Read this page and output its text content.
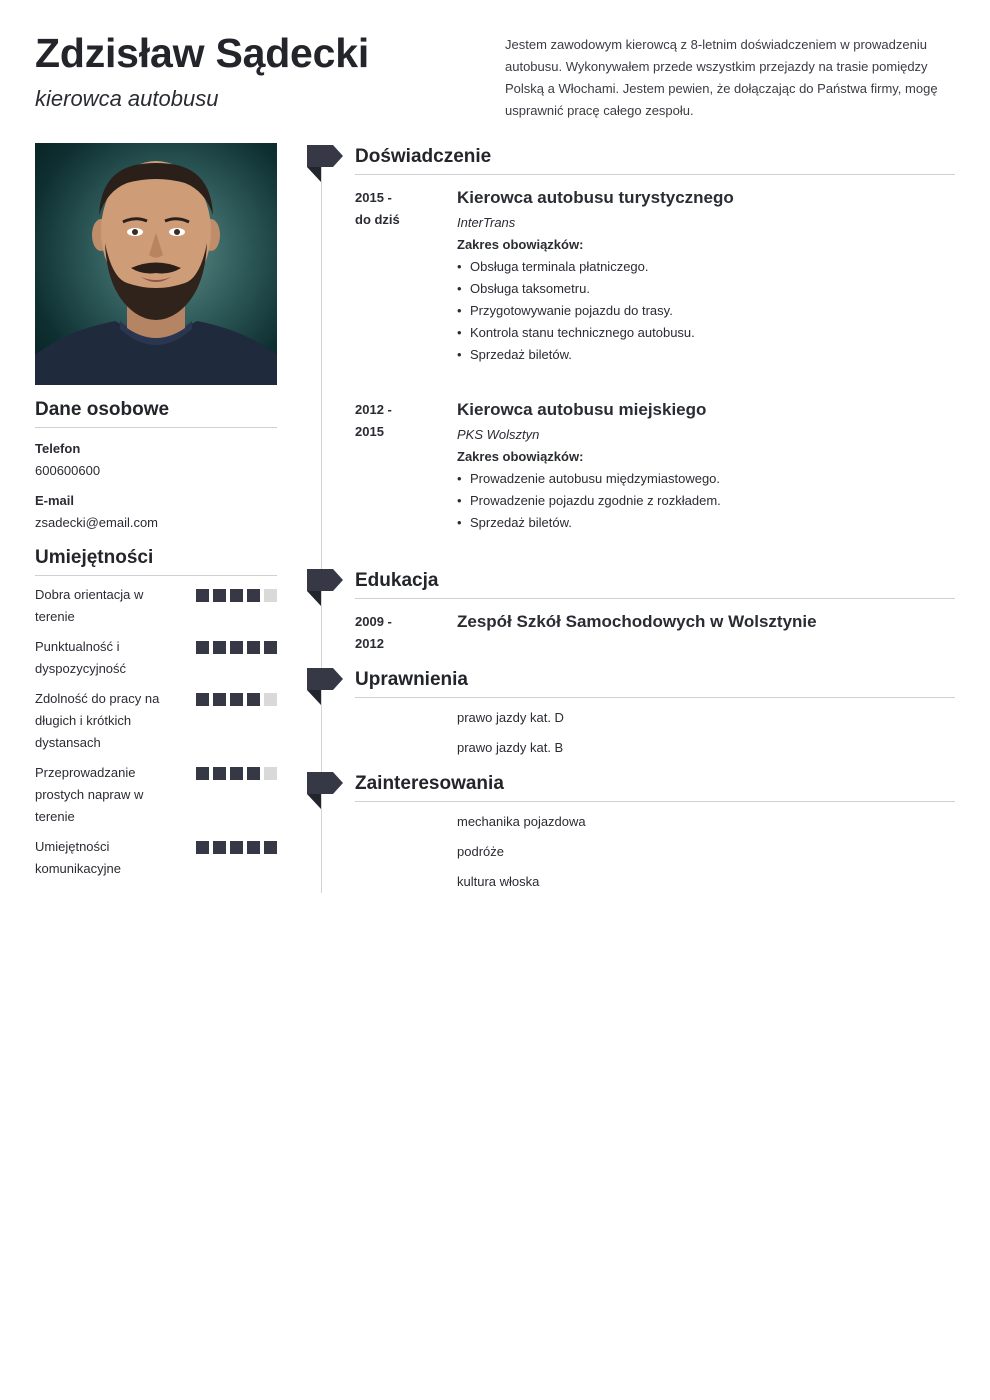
Zdzisław Sądecki
kierowca autobusu

Jestem zawodowym kierowcą z 8-letnim doświadczeniem w prowadzeniu autobusu. Wykonywałem przede wszystkim przejazdy na trasie pomiędzy Polską a Włochami. Jestem pewien, że dołączając do Państwa firmy, mogę usprawnić pracę całego zespołu.

Dane osobowe
Telefon
600600600
E-mail
zsadecki@email.com
Umiejętności
Dobra orientacja w terenie
Punktualność i dyspozycyjność
Zdolność do pracy na długich i krótkich dystansach
Przeprowadzanie prostych napraw w terenie
Umiejętności komunikacyjne
Doświadczenie
2015 -
do dziś
Kierowca autobusu turystycznego
InterTrans
Zakres obowiązków:
• Obsługa terminala płatniczego.
• Obsługa taksometru.
• Przygotowywanie pojazdu do trasy.
• Kontrola stanu technicznego autobusu.
• Sprzedaż biletów.
2012 -
2015
Kierowca autobusu miejskiego
PKS Wolsztyn
Zakres obowiązków:
• Prowadzenie autobusu międzymiastowego.
• Prowadzenie pojazdu zgodnie z rozkładem.
• Sprzedaż biletów.
Edukacja
2009 -
2012
Zespół Szkół Samochodowych w Wolsztynie
Uprawnienia
prawo jazdy kat. D
prawo jazdy kat. B
Zainteresowania
mechanika pojazdowa
podróże
kultura włoska
